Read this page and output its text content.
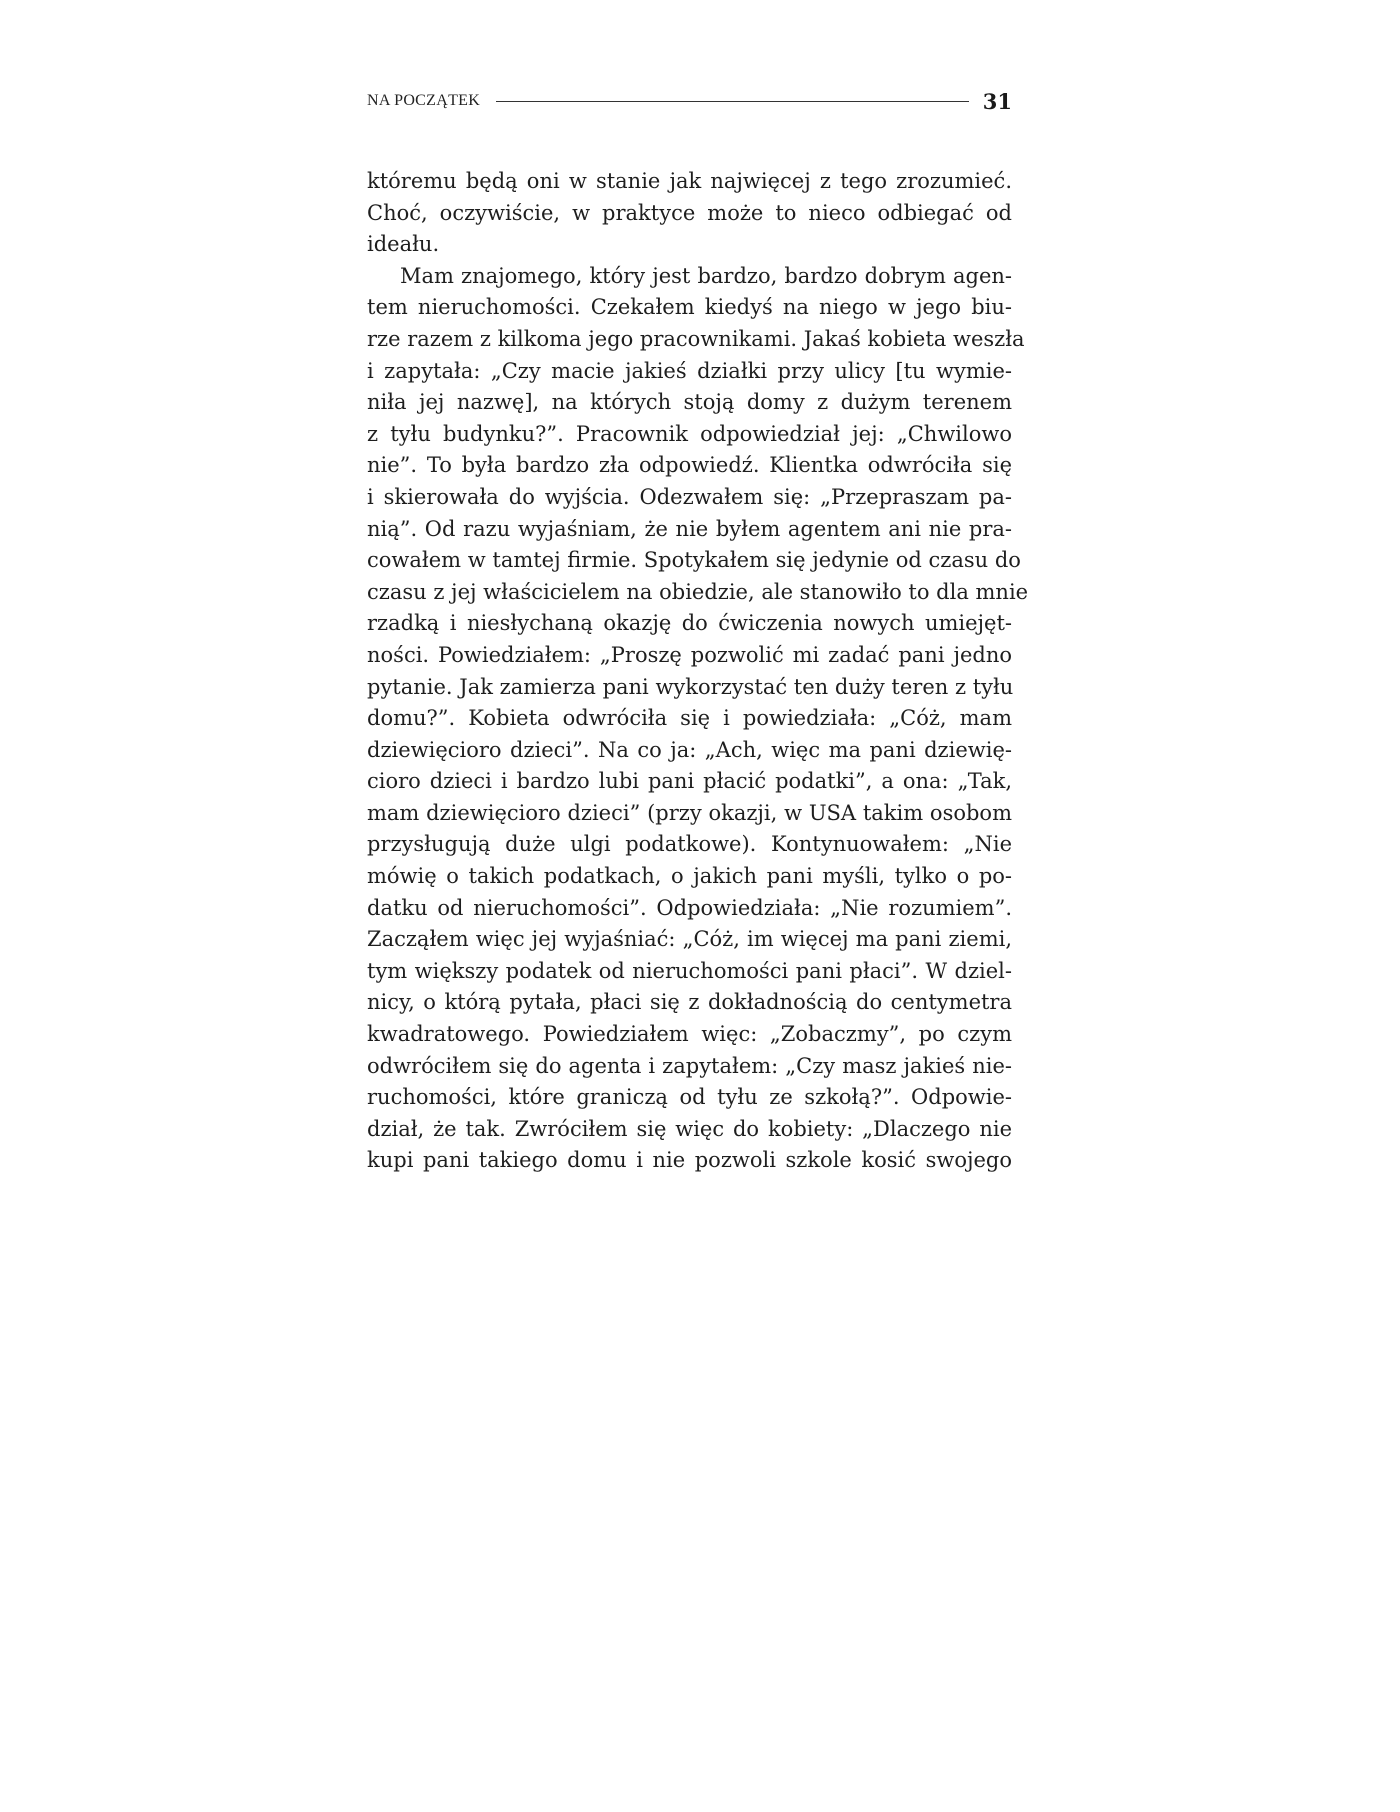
NA POCZĄTEK	31
któremu będą oni w stanie jak najwięcej z tego zrozumieć.
Choć, oczywiście, w praktyce może to nieco odbiegać od
ideału.
Mam znajomego, który jest bardzo, bardzo dobrym agen-
tem nieruchomości. Czekałem kiedyś na niego w jego biu-
rze razem z kilkoma jego pracownikami. Jakaś kobieta weszła
i zapytała: „Czy macie jakieś działki przy ulicy [tu wymie-
niła jej nazwę], na których stoją domy z dużym terenem
z tyłu budynku?”. Pracownik odpowiedział jej: „Chwilowo
nie”. To była bardzo zła odpowiedź. Klientka odwróciła się
i skierowała do wyjścia. Odezwałem się: „Przepraszam pa-
nią”. Od razu wyjaśniam, że nie byłem agentem ani nie pra-
cowałem w tamtej firmie. Spotykałem się jedynie od czasu do
czasu z jej właścicielem na obiedzie, ale stanowiło to dla mnie
rzadką i niesłychaną okazję do ćwiczenia nowych umiejęt-
ności. Powiedziałem: „Proszę pozwolić mi zadać pani jedno
pytanie. Jak zamierza pani wykorzystać ten duży teren z tyłu
domu?”. Kobieta odwróciła się i powiedziała: „Cóż, mam
dziewięcioro dzieci”. Na co ja: „Ach, więc ma pani dziewię-
cioro dzieci i bardzo lubi pani płacić podatki”, a ona: „Tak,
mam dziewięcioro dzieci” (przy okazji, w USA takim osobom
przysługują duże ulgi podatkowe). Kontynuowałem: „Nie
mówię o takich podatkach, o jakich pani myśli, tylko o po-
datku od nieruchomości”. Odpowiedziała: „Nie rozumiem”.
Zacząłem więc jej wyjaśniać: „Cóż, im więcej ma pani ziemi,
tym większy podatek od nieruchomości pani płaci”. W dziel-
nicy, o którą pytała, płaci się z dokładnością do centymetra
kwadratowego. Powiedziałem więc: „Zobaczmy”, po czym
odwróciłem się do agenta i zapytałem: „Czy masz jakieś nie-
ruchomości, które graniczą od tyłu ze szkołą?”. Odpowie-
dział, że tak. Zwróciłem się więc do kobiety: „Dlaczego nie
kupi pani takiego domu i nie pozwoli szkole kosić swojego
